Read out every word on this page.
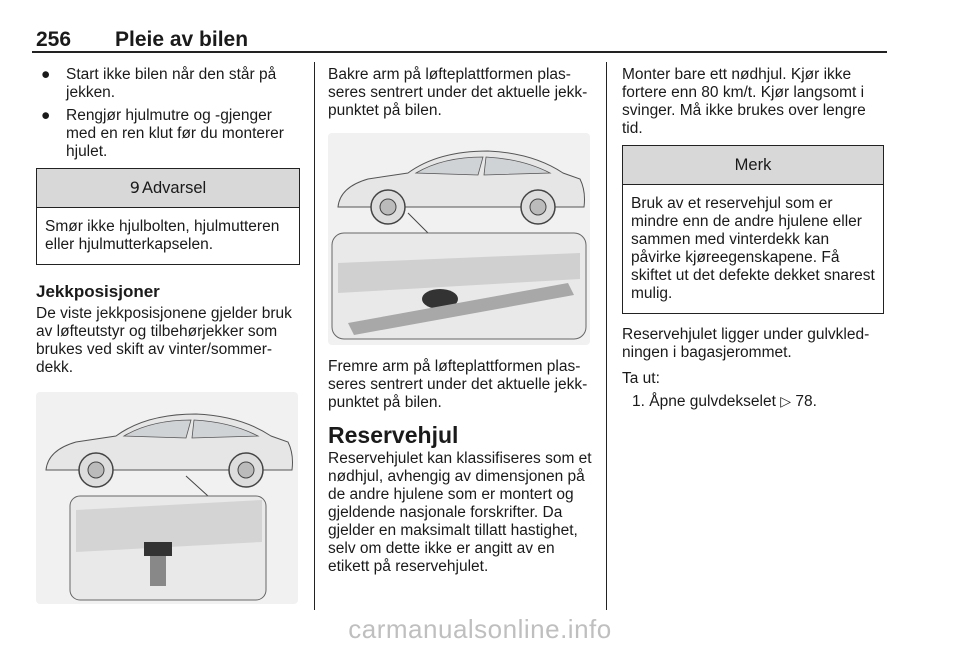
256 Pleie av bilen
● Start ikke bilen når den står på jekken.
● Rengjør hjulmutre og -gjenger med en ren klut før du monterer hjulet.
9 Advarsel
Smør ikke hjulbolten, hjulmutteren eller hjulmutterkapselen.
Jekkposisjoner

De viste jekkposisjonene gjelder bruk av løfteutstyr og tilbehørjekker som brukes ved skift av vinter/sommer-dekk.

Bakre arm på løfteplattformen plas-seres sentrert under det aktuelle jekk-punktet på bilen.

Fremre arm på løfteplattformen plas-seres sentrert under det aktuelle jekk-punktet på bilen.

Reservehjul

Reservehjulet kan klassifiseres som et nødhjul, avhengig av dimensjonen på de andre hjulene som er montert og gjeldende nasjonale forskrifter. Da gjelder en maksimalt tillatt hastighet, selv om dette ikke er angitt av en etikett på reservehjulet.

Monter bare ett nødhjul. Kjør ikke fortere enn 80 km/t. Kjør langsomt i svinger. Må ikke brukes over lengre tid.

Merk
Bruk av et reservehjul som er mindre enn de andre hjulene eller sammen med vinterdekk kan påvirke kjøreegenskapene. Få skiftet ut det defekte dekket snarest mulig.

Reservehjulet ligger under gulvkled-ningen i bagasjerommet.

Ta ut:

1. Åpne gulvdekselet ▷ 78.

carmanualsonline.info
